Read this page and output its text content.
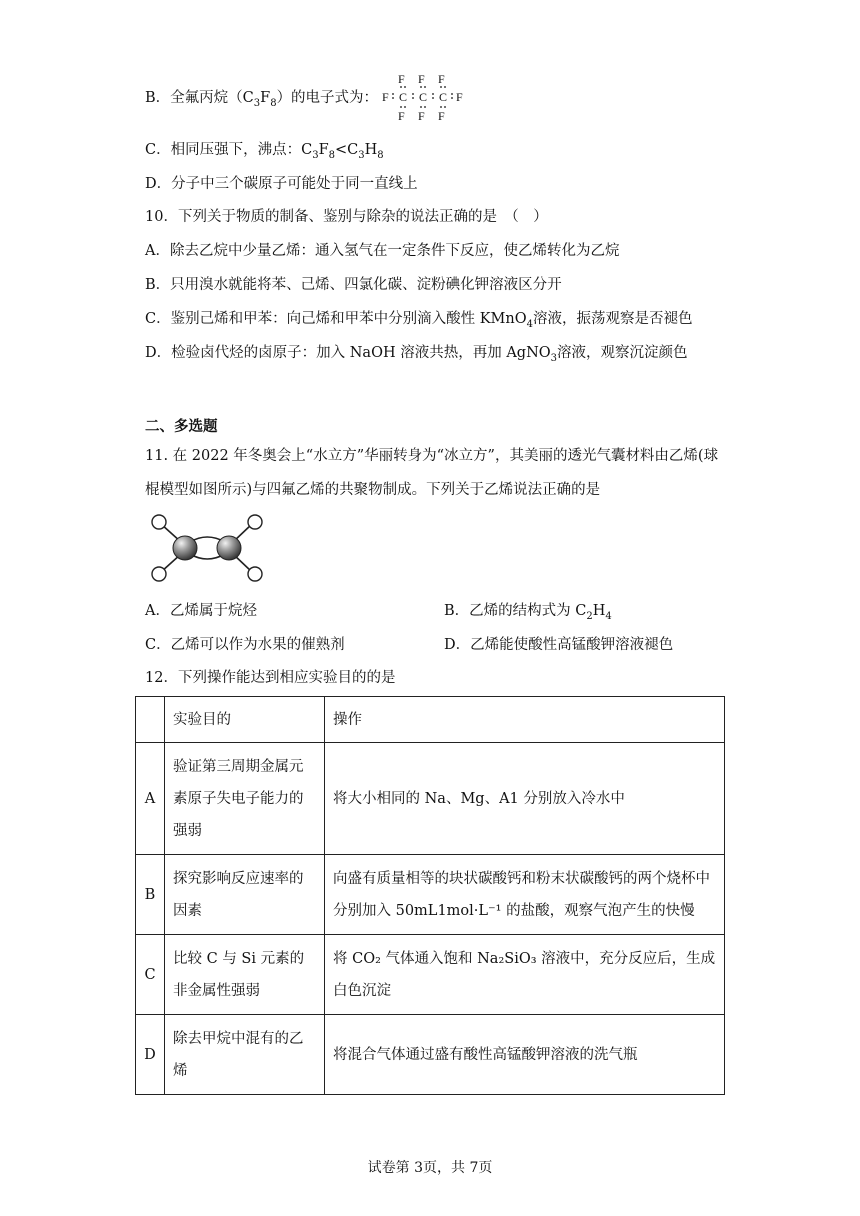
B．全氟丙烷$(C_3F_8)$的电子式为：
F F F
F C C C F
F F F
C．相同压强下，沸点：$C_3F_8<C_3H_8$
D．分子中三个碳原子可能处于同一直线上
10．下列关于物质的制备、鉴别与除杂的说法正确的是　（　）
A．除去乙烷中少量乙烯：通入氢气在一定条件下反应，使乙烯转化为乙烷
B．只用溴水就能将苯、己烯、四氯化碳、淀粉碘化钾溶液区分开
C．鉴别己烯和甲苯：向己烯和甲苯中分别滴入酸性 KMnO$_4$溶液，振荡观察是否褪色
D．检验卤代烃的卤原子：加入 NaOH 溶液共热，再加 AgNO$_3$溶液，观察沉淀颜色
二、多选题
11. 在 2022 年冬奥会上“水立方”华丽转身为“冰立方”，其美丽的透光气囊材料由乙烯(球
棍模型如图所示)与四氟乙烯的共聚物制成。下列关于乙烯说法正确的是
A．乙烯属于烷烃	B．乙烯的结构式为 $C_2H_4$
C．乙烯可以作为水果的催熟剂	D．乙烯能使酸性高锰酸钾溶液褪色
12．下列操作能达到相应实验目的的是
	实验目的	操作
A	验证第三周期金属元素原子失电子能力的强弱	将大小相同的 Na、Mg、A1 分别放入冷水中
B	探究影响反应速率的因素	向盛有质量相等的块状碳酸钙和粉末状碳酸钙的两个烧杯中分别加入 50mL1mol·L⁻¹ 的盐酸，观察气泡产生的快慢
C	比较 C 与 Si 元素的非金属性强弱	将 CO₂ 气体通入饱和 Na₂SiO₃ 溶液中，充分反应后，生成白色沉淀
D	除去甲烷中混有的乙烯	将混合气体通过盛有酸性高锰酸钾溶液的洗气瓶
试卷第 3页，共 7页
